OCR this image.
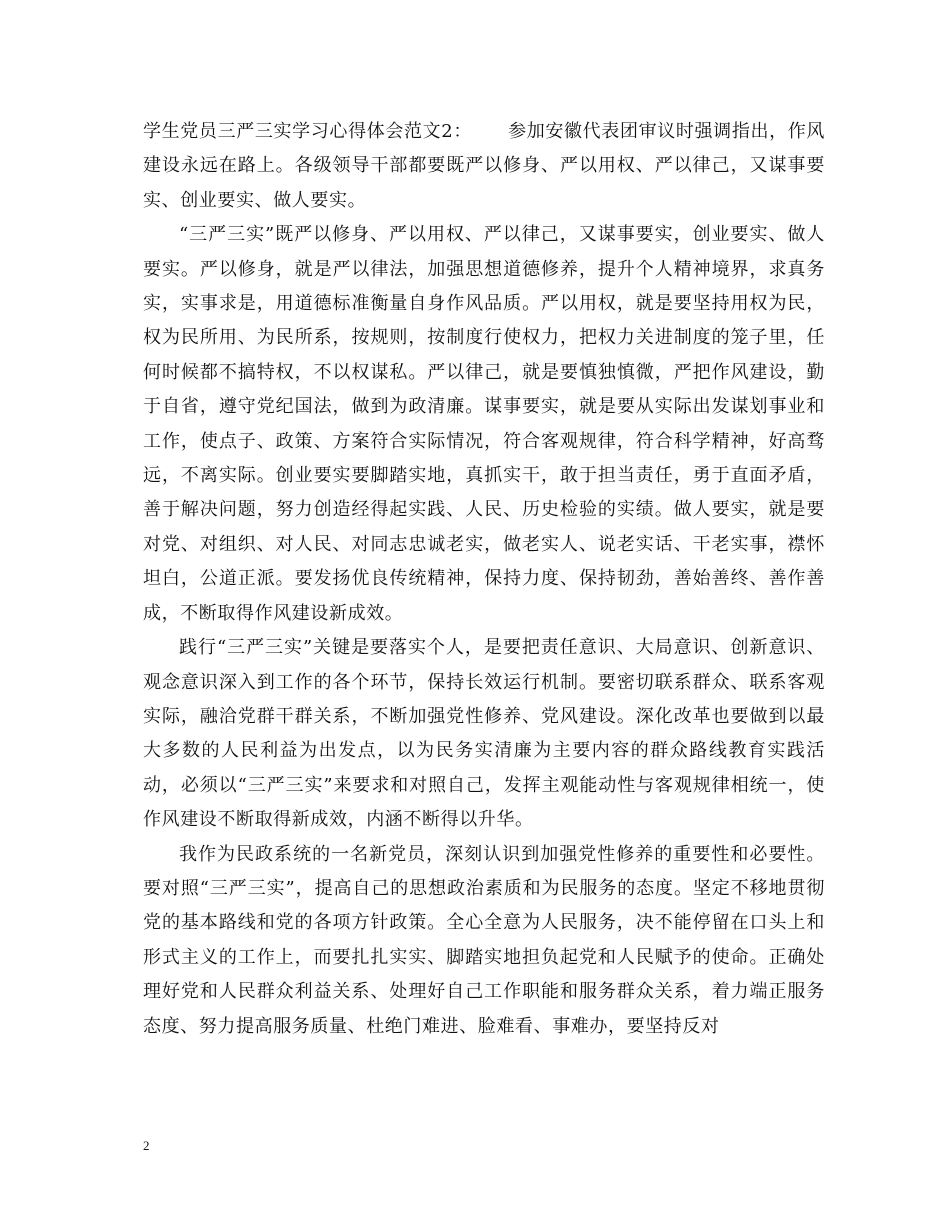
学生党员三严三实学习心得体会范文2： 参加安徽代表团审议时强调指出，作风建设永远在路上。各级领导干部都要既严以修身、严以用权、严以律己，又谋事要实、创业要实、做人要实。

“三严三实”既严以修身、严以用权、严以律己，又谋事要实，创业要实、做人要实。严以修身，就是严以律法，加强思想道德修养，提升个人精神境界，求真务实，实事求是，用道德标准衡量自身作风品质。严以用权，就是要坚持用权为民，权为民所用、为民所系，按规则，按制度行使权力，把权力关进制度的笼子里，任何时候都不搞特权，不以权谋私。严以律己，就是要慎独慎微，严把作风建设，勤于自省，遵守党纪国法，做到为政清廉。谋事要实，就是要从实际出发谋划事业和工作，使点子、政策、方案符合实际情况，符合客观规律，符合科学精神，好高骛远，不离实际。创业要实要脚踏实地，真抓实干，敢于担当责任，勇于直面矛盾，善于解决问题，努力创造经得起实践、人民、历史检验的实绩。做人要实，就是要对党、对组织、对人民、对同志忠诚老实，做老实人、说老实话、干老实事，襟怀坦白，公道正派。要发扬优良传统精神，保持力度、保持韧劲，善始善终、善作善成，不断取得作风建设新成效。

践行“三严三实”关键是要落实个人，是要把责任意识、大局意识、创新意识、观念意识深入到工作的各个环节，保持长效运行机制。要密切联系群众、联系客观实际，融洽党群干群关系，不断加强党性修养、党风建设。深化改革也要做到以最大多数的人民利益为出发点，以为民务实清廉为主要内容的群众路线教育实践活动，必须以“三严三实”来要求和对照自己，发挥主观能动性与客观规律相统一，使作风建设不断取得新成效，内涵不断得以升华。

我作为民政系统的一名新党员，深刻认识到加强党性修养的重要性和必要性。要对照“三严三实”，提高自己的思想政治素质和为民服务的态度。坚定不移地贯彻党的基本路线和党的各项方针政策。全心全意为人民服务，决不能停留在口头上和形式主义的工作上，而要扎扎实实、脚踏实地担负起党和人民赋予的使命。正确处理好党和人民群众利益关系、处理好自己工作职能和服务群众关系，着力端正服务态度、努力提高服务质量、杜绝门难进、脸难看、事难办，要坚持反对

2
